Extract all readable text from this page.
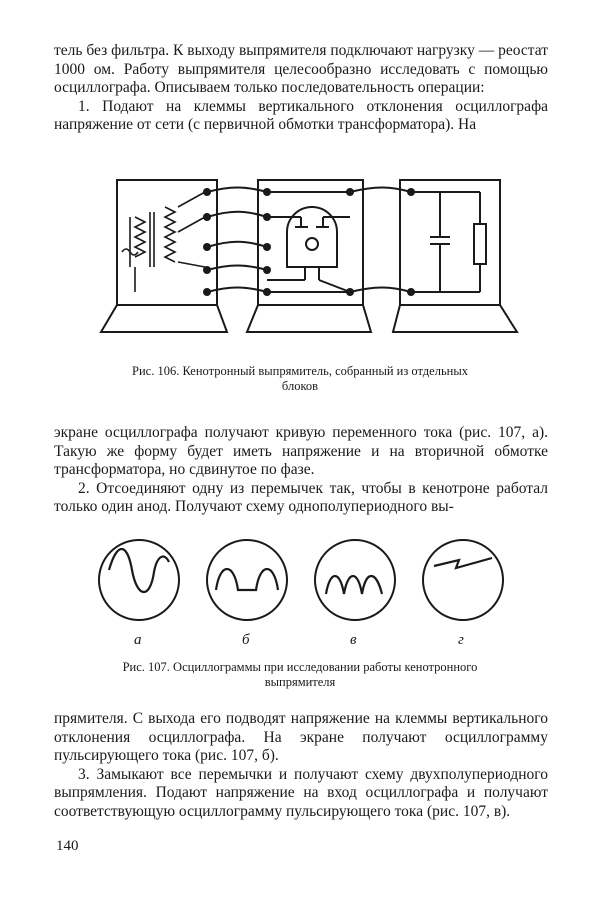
тель без фильтра. К выходу выпрямителя подключают нагрузку — реостат 1000 ом. Работу выпрямителя целесообразно исследовать с помощью осциллографа. Описываем только последовательность операции:

1. Подают на клеммы вертикального отклонения осциллографа напряжение от сети (с первичной обмотки трансформатора). На

Рис. 106. Кенотронный выпрямитель, собранный из отдельных
блоков

экране осциллографа получают кривую переменного тока (рис. 107, а). Такую же форму будет иметь напряжение и на вторичной обмотке трансформатора, но сдвинутое по фазе.

2. Отсоединяют одну из перемычек так, чтобы в кенотроне работал только один анод. Получают схему однополупериодного вы-

а	б	в	г
Рис. 107. Осциллограммы при исследовании работы кенотронного
выпрямителя

прямителя. С выхода его подводят напряжение на клеммы вертикального отклонения осциллографа. На экране получают осциллограмму пульсирующего тока (рис. 107, б).

3. Замыкают все перемычки и получают схему двухполупериодного выпрямления. Подают напряжение на вход осциллографа и получают соответствующую осциллограмму пульсирующего тока (рис. 107, в).

140
